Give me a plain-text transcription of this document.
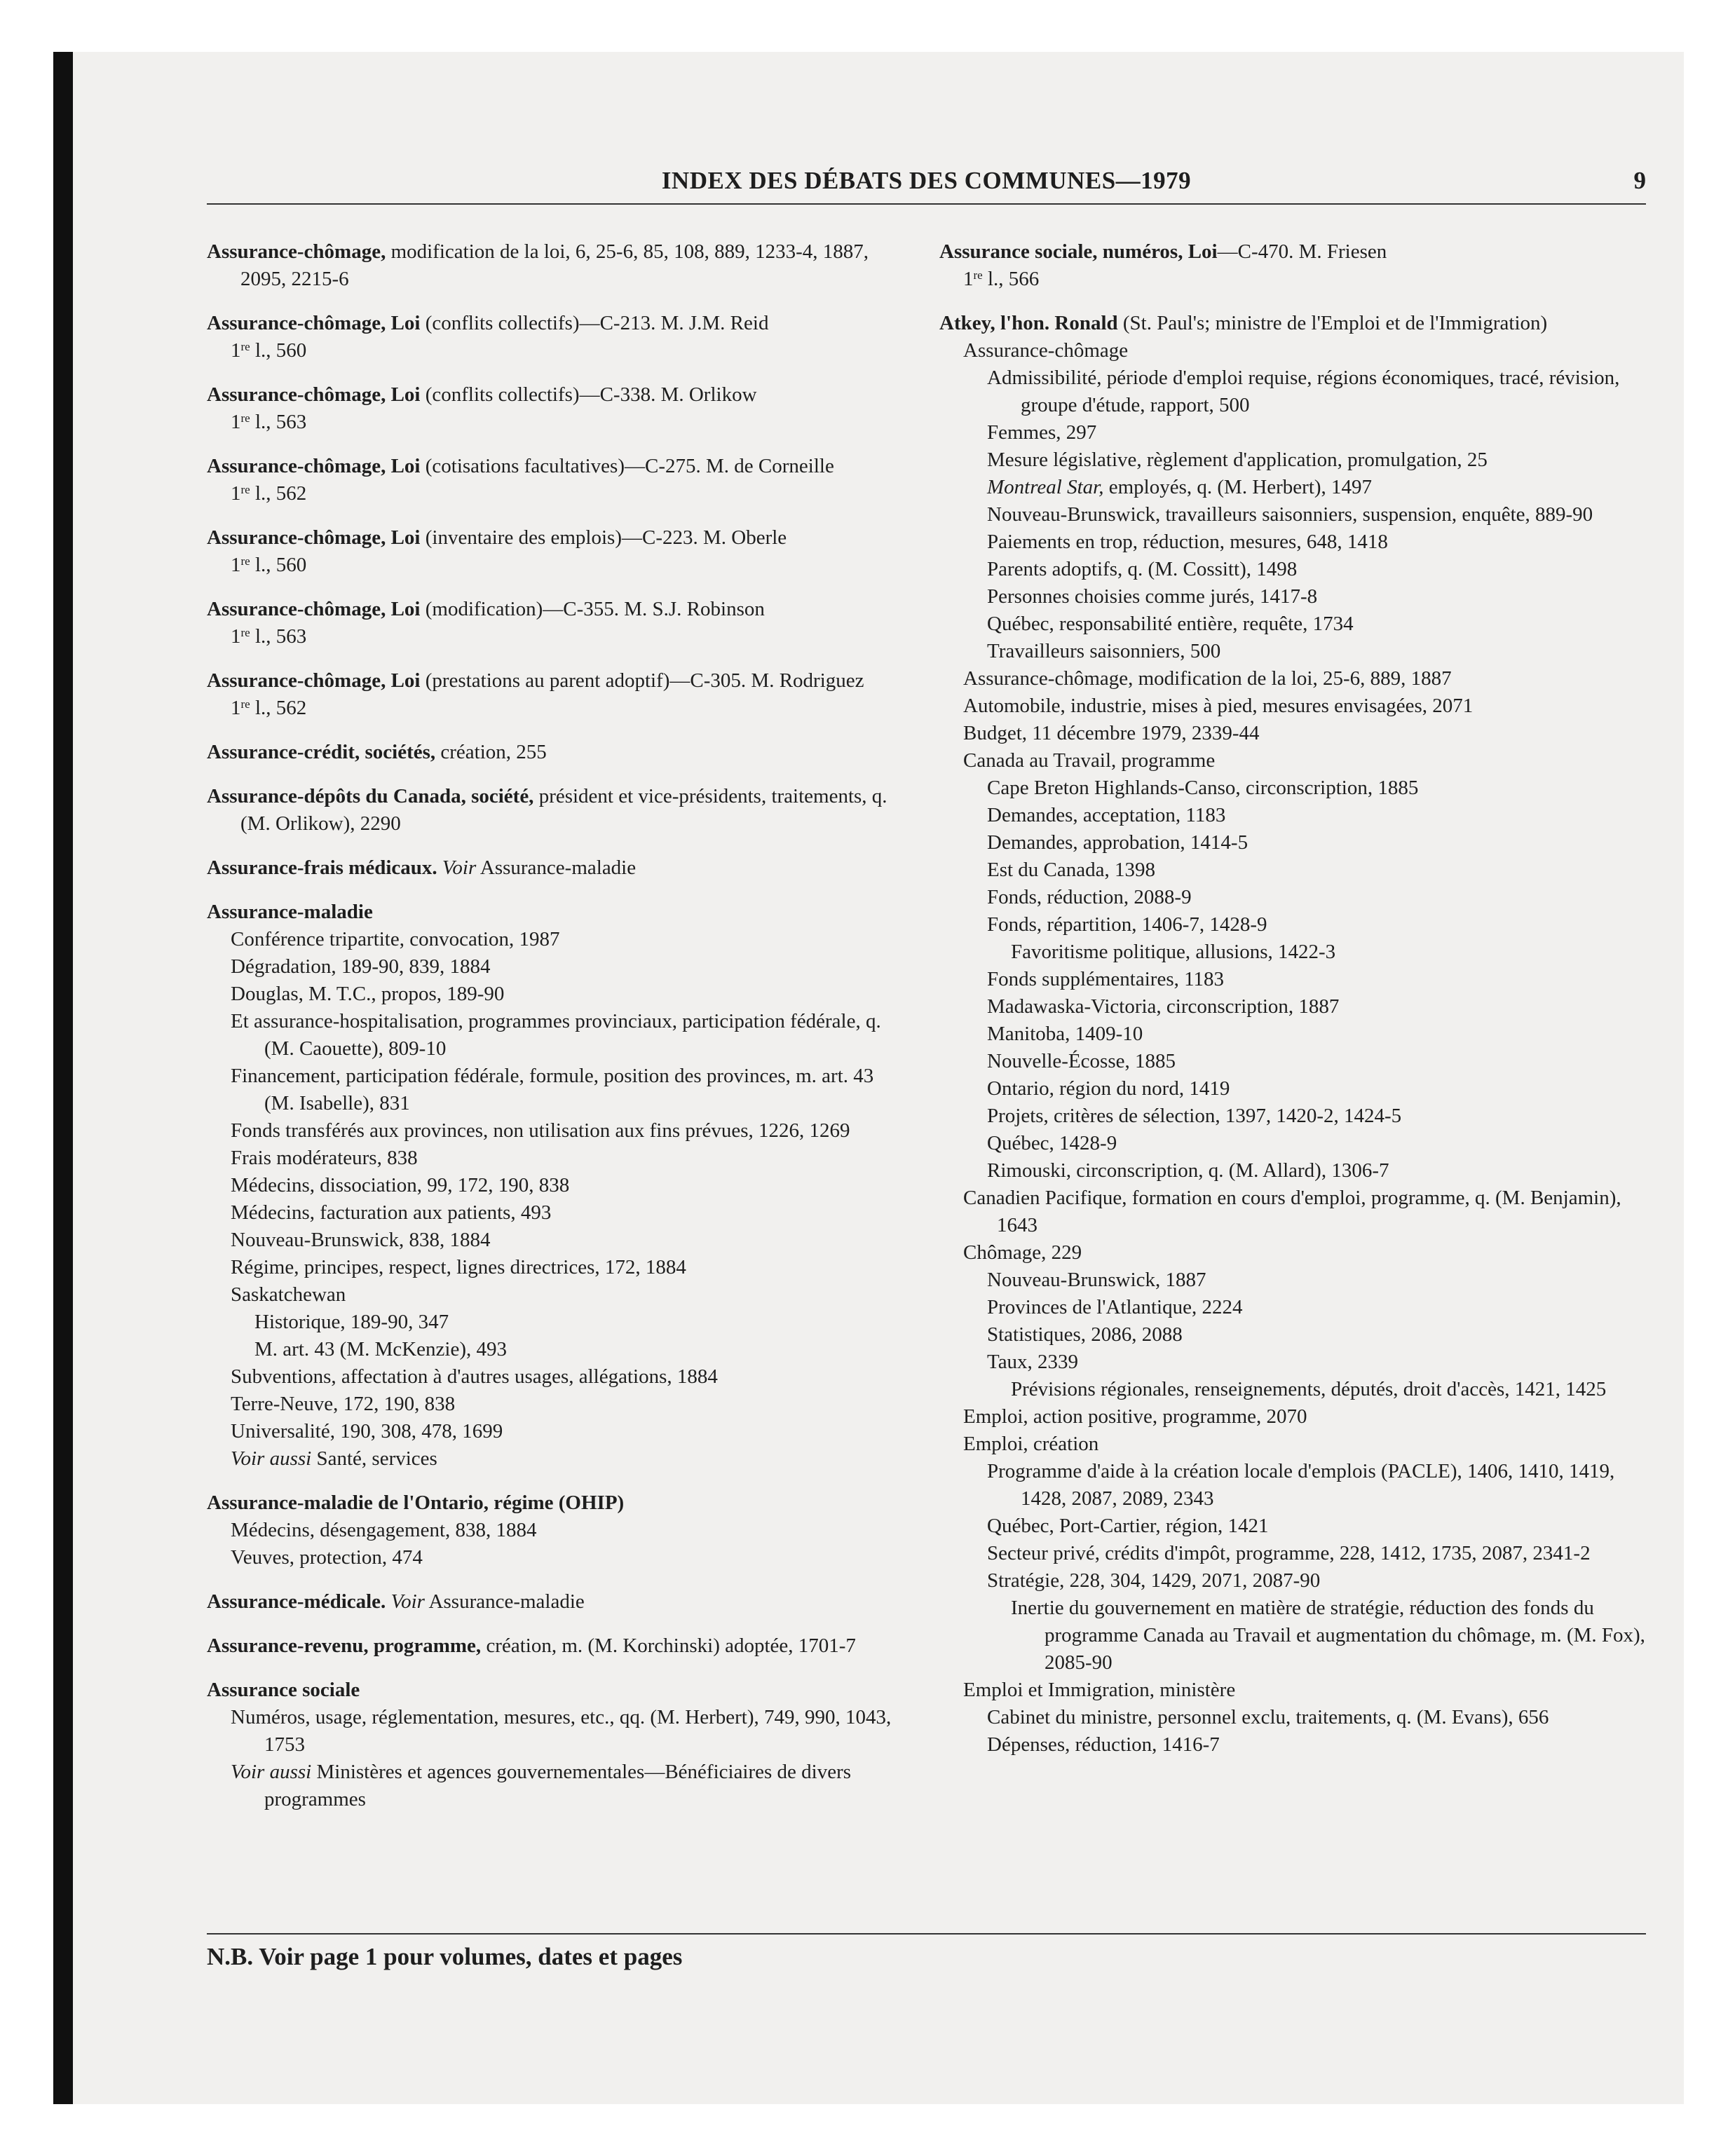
INDEX DES DÉBATS DES COMMUNES—1979	9
Assurance-chômage, modification de la loi, 6, 25-6, 85, 108, 889, 1233-4, 1887, 2095, 2215-6
Assurance-chômage, Loi (conflits collectifs)—C-213. M. J.M. Reid
1re l., 560
Assurance-chômage, Loi (conflits collectifs)—C-338. M. Orlikow
1re l., 563
Assurance-chômage, Loi (cotisations facultatives)—C-275. M. de Corneille
1re l., 562
Assurance-chômage, Loi (inventaire des emplois)—C-223. M. Oberle
1re l., 560
Assurance-chômage, Loi (modification)—C-355. M. S.J. Robinson
1re l., 563
Assurance-chômage, Loi (prestations au parent adoptif)—C-305. M. Rodriguez
1re l., 562
Assurance-crédit, sociétés, création, 255
Assurance-dépôts du Canada, société, président et vice-présidents, traitements, q. (M. Orlikow), 2290
Assurance-frais médicaux. Voir Assurance-maladie
Assurance-maladie
Conférence tripartite, convocation, 1987
Dégradation, 189-90, 839, 1884
Douglas, M. T.C., propos, 189-90
Et assurance-hospitalisation, programmes provinciaux, participation fédérale, q. (M. Caouette), 809-10
Financement, participation fédérale, formule, position des provinces, m. art. 43 (M. Isabelle), 831
Fonds transférés aux provinces, non utilisation aux fins prévues, 1226, 1269
Frais modérateurs, 838
Médecins, dissociation, 99, 172, 190, 838
Médecins, facturation aux patients, 493
Nouveau-Brunswick, 838, 1884
Régime, principes, respect, lignes directrices, 172, 1884
Saskatchewan
Historique, 189-90, 347
M. art. 43 (M. McKenzie), 493
Subventions, affectation à d'autres usages, allégations, 1884
Terre-Neuve, 172, 190, 838
Universalité, 190, 308, 478, 1699
Voir aussi Santé, services
Assurance-maladie de l'Ontario, régime (OHIP)
Médecins, désengagement, 838, 1884
Veuves, protection, 474
Assurance-médicale. Voir Assurance-maladie
Assurance-revenu, programme, création, m. (M. Korchinski) adoptée, 1701-7
Assurance sociale
Numéros, usage, réglementation, mesures, etc., qq. (M. Herbert), 749, 990, 1043, 1753
Voir aussi Ministères et agences gouvernementales—Bénéficiaires de divers programmes
Assurance sociale, numéros, Loi—C-470. M. Friesen
1re l., 566
Atkey, l'hon. Ronald (St. Paul's; ministre de l'Emploi et de l'Immigration)
Assurance-chômage
Admissibilité, période d'emploi requise, régions économiques, tracé, révision, groupe d'étude, rapport, 500
Femmes, 297
Mesure législative, règlement d'application, promulgation, 25
Montreal Star, employés, q. (M. Herbert), 1497
Nouveau-Brunswick, travailleurs saisonniers, suspension, enquête, 889-90
Paiements en trop, réduction, mesures, 648, 1418
Parents adoptifs, q. (M. Cossitt), 1498
Personnes choisies comme jurés, 1417-8
Québec, responsabilité entière, requête, 1734
Travailleurs saisonniers, 500
Assurance-chômage, modification de la loi, 25-6, 889, 1887
Automobile, industrie, mises à pied, mesures envisagées, 2071
Budget, 11 décembre 1979, 2339-44
Canada au Travail, programme
Cape Breton Highlands-Canso, circonscription, 1885
Demandes, acceptation, 1183
Demandes, approbation, 1414-5
Est du Canada, 1398
Fonds, réduction, 2088-9
Fonds, répartition, 1406-7, 1428-9
Favoritisme politique, allusions, 1422-3
Fonds supplémentaires, 1183
Madawaska-Victoria, circonscription, 1887
Manitoba, 1409-10
Nouvelle-Écosse, 1885
Ontario, région du nord, 1419
Projets, critères de sélection, 1397, 1420-2, 1424-5
Québec, 1428-9
Rimouski, circonscription, q. (M. Allard), 1306-7
Canadien Pacifique, formation en cours d'emploi, programme, q. (M. Benjamin), 1643
Chômage, 229
Nouveau-Brunswick, 1887
Provinces de l'Atlantique, 2224
Statistiques, 2086, 2088
Taux, 2339
Prévisions régionales, renseignements, députés, droit d'accès, 1421, 1425
Emploi, action positive, programme, 2070
Emploi, création
Programme d'aide à la création locale d'emplois (PACLE), 1406, 1410, 1419, 1428, 2087, 2089, 2343
Québec, Port-Cartier, région, 1421
Secteur privé, crédits d'impôt, programme, 228, 1412, 1735, 2087, 2341-2
Stratégie, 228, 304, 1429, 2071, 2087-90
Inertie du gouvernement en matière de stratégie, réduction des fonds du programme Canada au Travail et augmentation du chômage, m. (M. Fox), 2085-90
Emploi et Immigration, ministère
Cabinet du ministre, personnel exclu, traitements, q. (M. Evans), 656
Dépenses, réduction, 1416-7
N.B. Voir page 1 pour volumes, dates et pages
